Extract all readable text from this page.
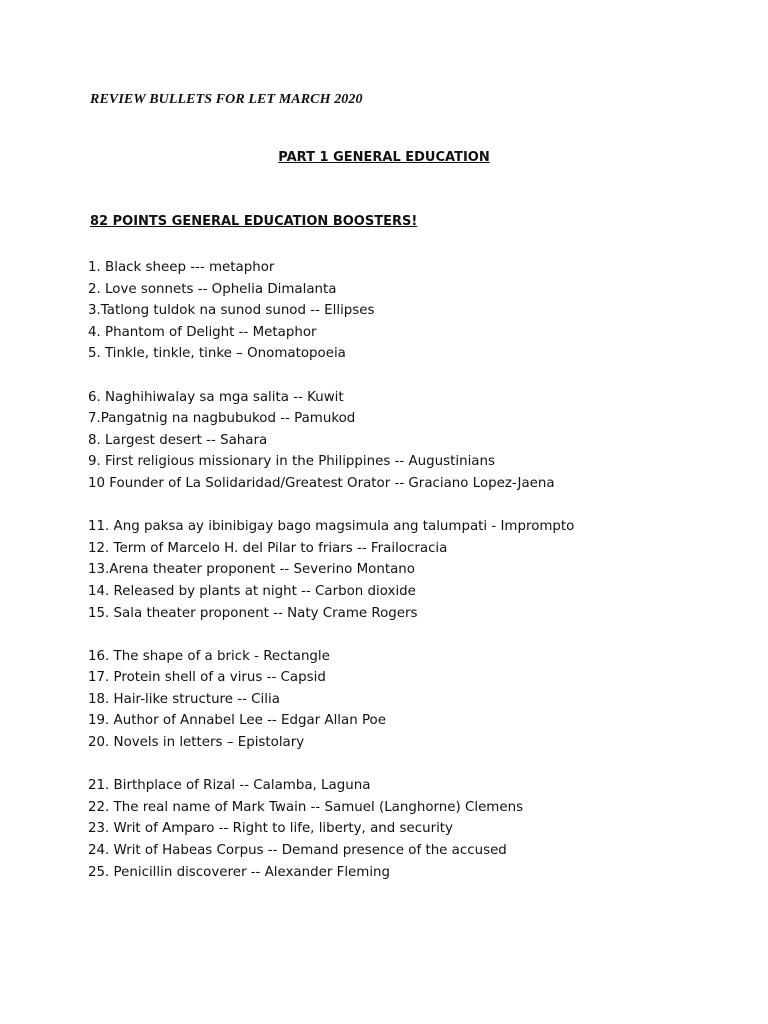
REVIEW BULLETS FOR LET MARCH 2020
PART 1 GENERAL EDUCATION
82 POINTS GENERAL EDUCATION BOOSTERS!
1. Black sheep --- metaphor
2. Love sonnets -- Ophelia Dimalanta
3.Tatlong tuldok na sunod sunod -- Ellipses
4. Phantom of Delight -- Metaphor
5. Tinkle, tinkle, tinke – Onomatopoeia
6. Naghihiwalay sa mga salita -- Kuwit
7.Pangatnig na nagbubukod -- Pamukod
8. Largest desert -- Sahara
9. First religious missionary in the Philippines -- Augustinians
10 Founder of La Solidaridad/Greatest Orator -- Graciano Lopez-Jaena
11. Ang paksa ay ibinibigay bago magsimula ang talumpati - Imprompto
12. Term of Marcelo H. del Pilar to friars -- Frailocracia
13.Arena theater proponent -- Severino Montano
14. Released by plants at night -- Carbon dioxide
15. Sala theater proponent -- Naty Crame Rogers
16. The shape of a brick - Rectangle
17. Protein shell of a virus -- Capsid
18. Hair-like structure -- Cilia
19. Author of Annabel Lee -- Edgar Allan Poe
20. Novels in letters – Epistolary
21. Birthplace of Rizal -- Calamba, Laguna
22. The real name of Mark Twain -- Samuel (Langhorne) Clemens
23. Writ of Amparo -- Right to life, liberty, and security
24. Writ of Habeas Corpus -- Demand presence of the accused
25. Penicillin discoverer -- Alexander Fleming
